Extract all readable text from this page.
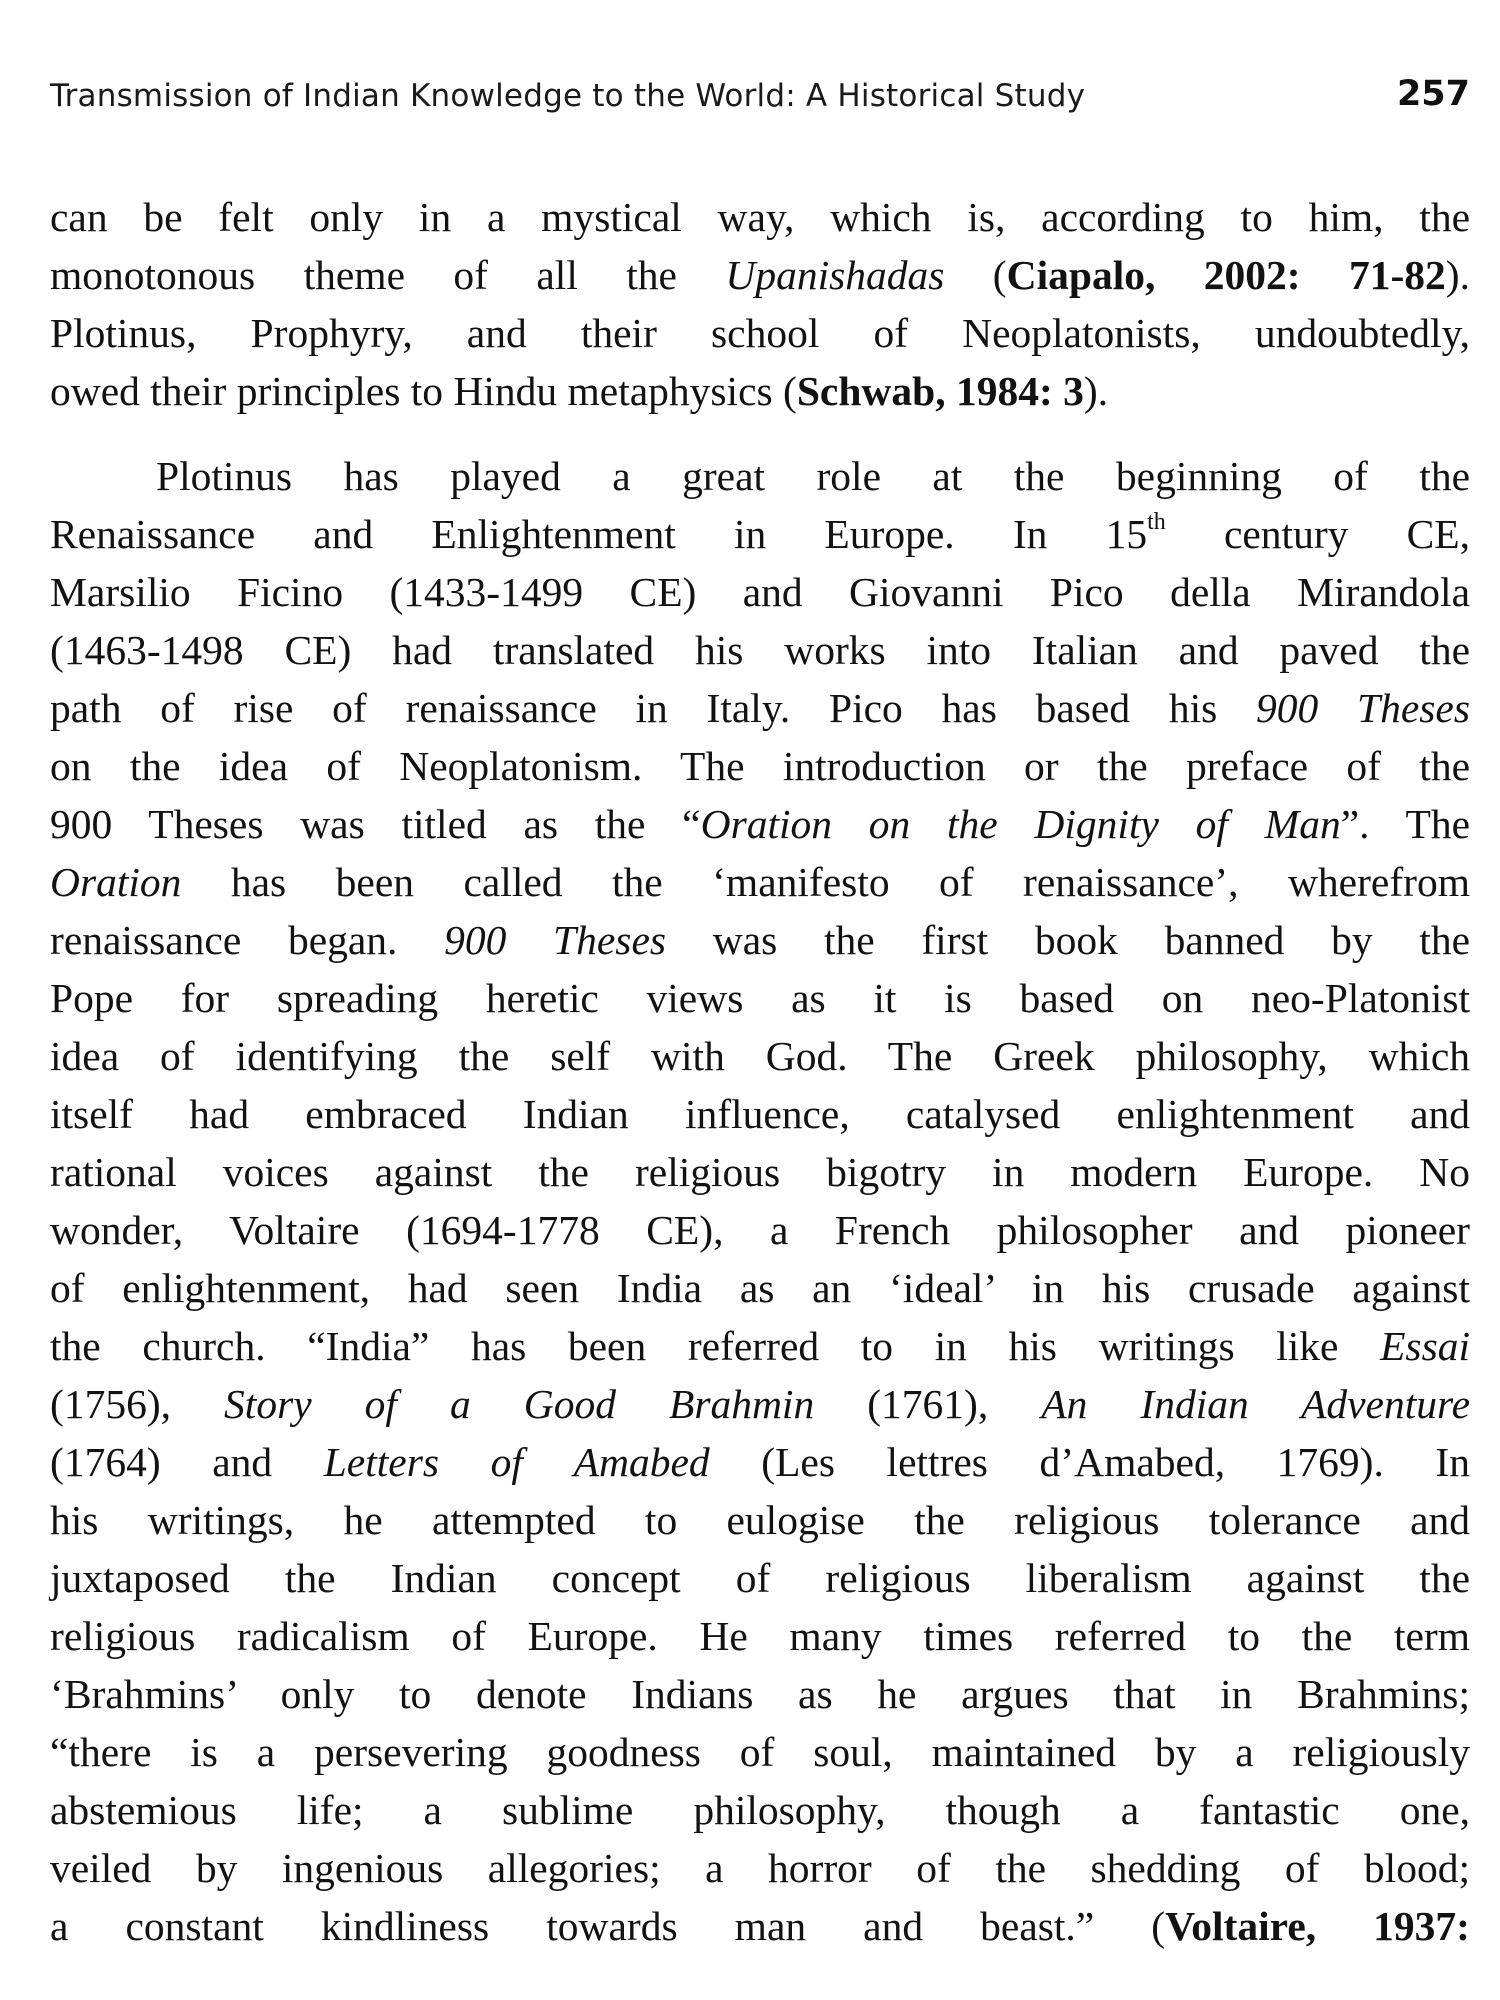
Transmission of Indian Knowledge to the World: A Historical Study	257
can be felt only in a mystical way, which is, according to him, the
monotonous theme of all the Upanishadas (Ciapalo, 2002: 71-82).
Plotinus, Prophyry, and their school of Neoplatonists, undoubtedly,
owed their principles to Hindu metaphysics (Schwab, 1984: 3).
Plotinus has played a great role at the beginning of the
Renaissance and Enlightenment in Europe. In 15th century CE,
Marsilio Ficino (1433-1499 CE) and Giovanni Pico della Mirandola
(1463-1498 CE) had translated his works into Italian and paved the
path of rise of renaissance in Italy. Pico has based his 900 Theses
on the idea of Neoplatonism. The introduction or the preface of the
900 Theses was titled as the “Oration on the Dignity of Man”. The
Oration has been called the ‘manifesto of renaissance’, wherefrom
renaissance began. 900 Theses was the first book banned by the
Pope for spreading heretic views as it is based on neo-Platonist
idea of identifying the self with God. The Greek philosophy, which
itself had embraced Indian influence, catalysed enlightenment and
rational voices against the religious bigotry in modern Europe. No
wonder, Voltaire (1694-1778 CE), a French philosopher and pioneer
of enlightenment, had seen India as an ‘ideal’ in his crusade against
the church. “India” has been referred to in his writings like Essai
(1756), Story of a Good Brahmin (1761), An Indian Adventure
(1764) and Letters of Amabed (Les lettres d’Amabed, 1769). In
his writings, he attempted to eulogise the religious tolerance and
juxtaposed the Indian concept of religious liberalism against the
religious radicalism of Europe. He many times referred to the term
‘Brahmins’ only to denote Indians as he argues that in Brahmins;
“there is a persevering goodness of soul, maintained by a religiously
abstemious life; a sublime philosophy, though a fantastic one,
veiled by ingenious allegories; a horror of the shedding of blood;
a constant kindliness towards man and beast.” (Voltaire, 1937:
